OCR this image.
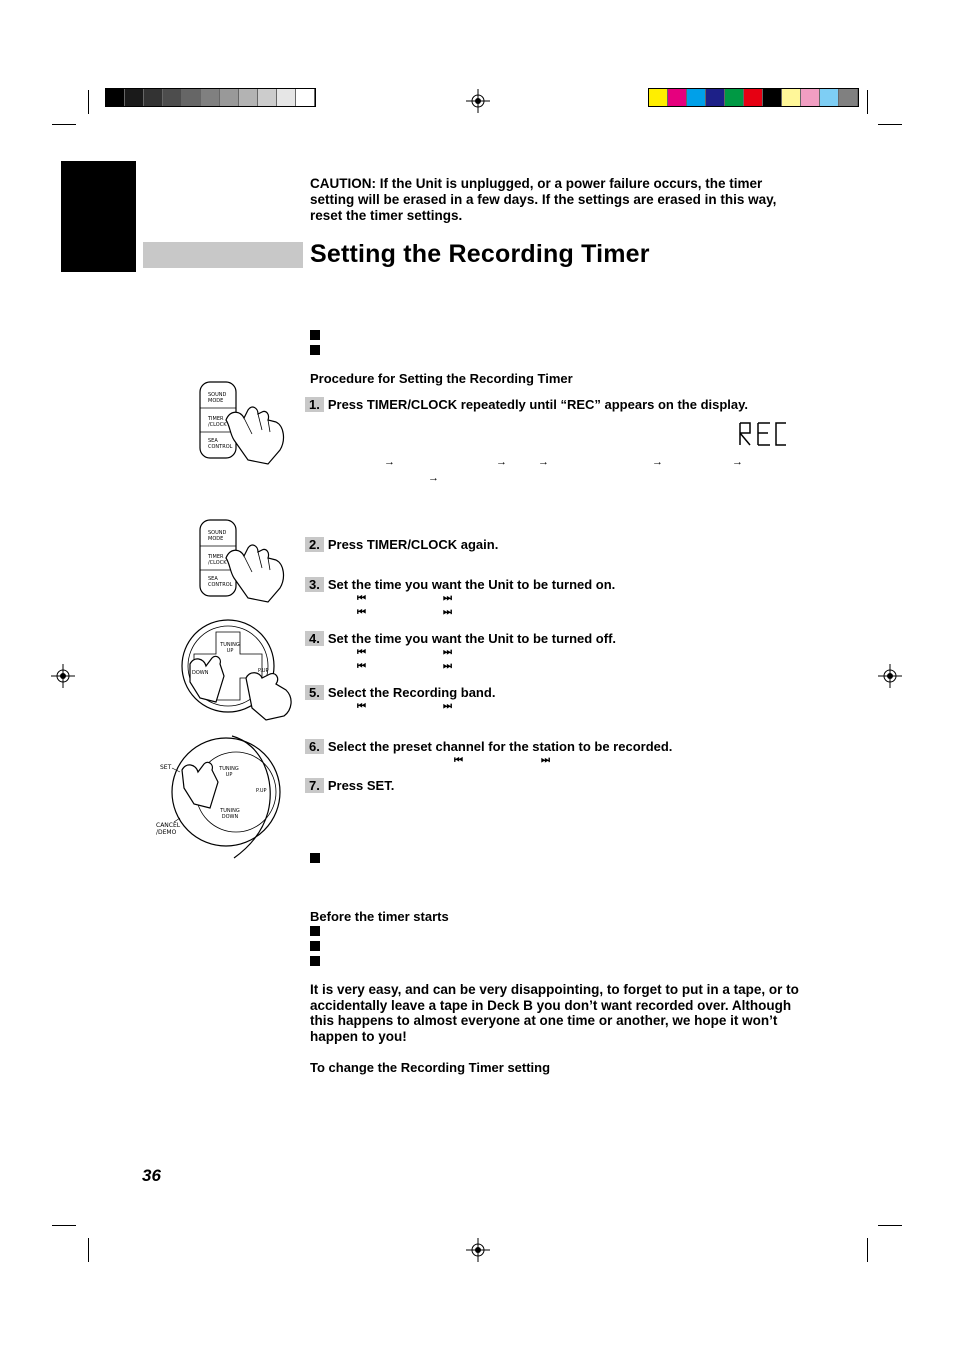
CAUTION: If the Unit is unplugged, or a power failure occurs, the timer setting will be erased in a few days. If the settings are erased in this way, reset the timer settings.
Setting the Recording Timer
Procedure for Setting the Recording Timer
1. Press TIMER/CLOCK repeatedly until “REC” appears on the display.
→	→	→	→	→
→
2. Press TIMER/CLOCK again.
3. Set the time you want the Unit to be turned on.
⏮	⏭
⏮	⏭
4. Set the time you want the Unit to be turned off.
⏮	⏭
⏮	⏭
5. Select the Recording band.
⏮	⏭
6. Select the preset channel for the station to be recorded.
⏮	⏭
7. Press SET.
Before the timer starts
It is very easy, and can be very disappointing, to forget to put in a tape, or to accidentally leave a tape in Deck B you don’t want recorded over. Although this happens to almost everyone at one time or another, we hope it won’t happen to you!
To change the Recording Timer setting
36
SOUND MODE
TIMER /CLOCK
SEA CONTROL
SOUND MODE
TIMER /CLOCK
SEA CONTROL
TUNING UP
DOWN	P.UP
SET
CANCEL /DEMO
TUNING UP
TUNING DOWN
P.UP
